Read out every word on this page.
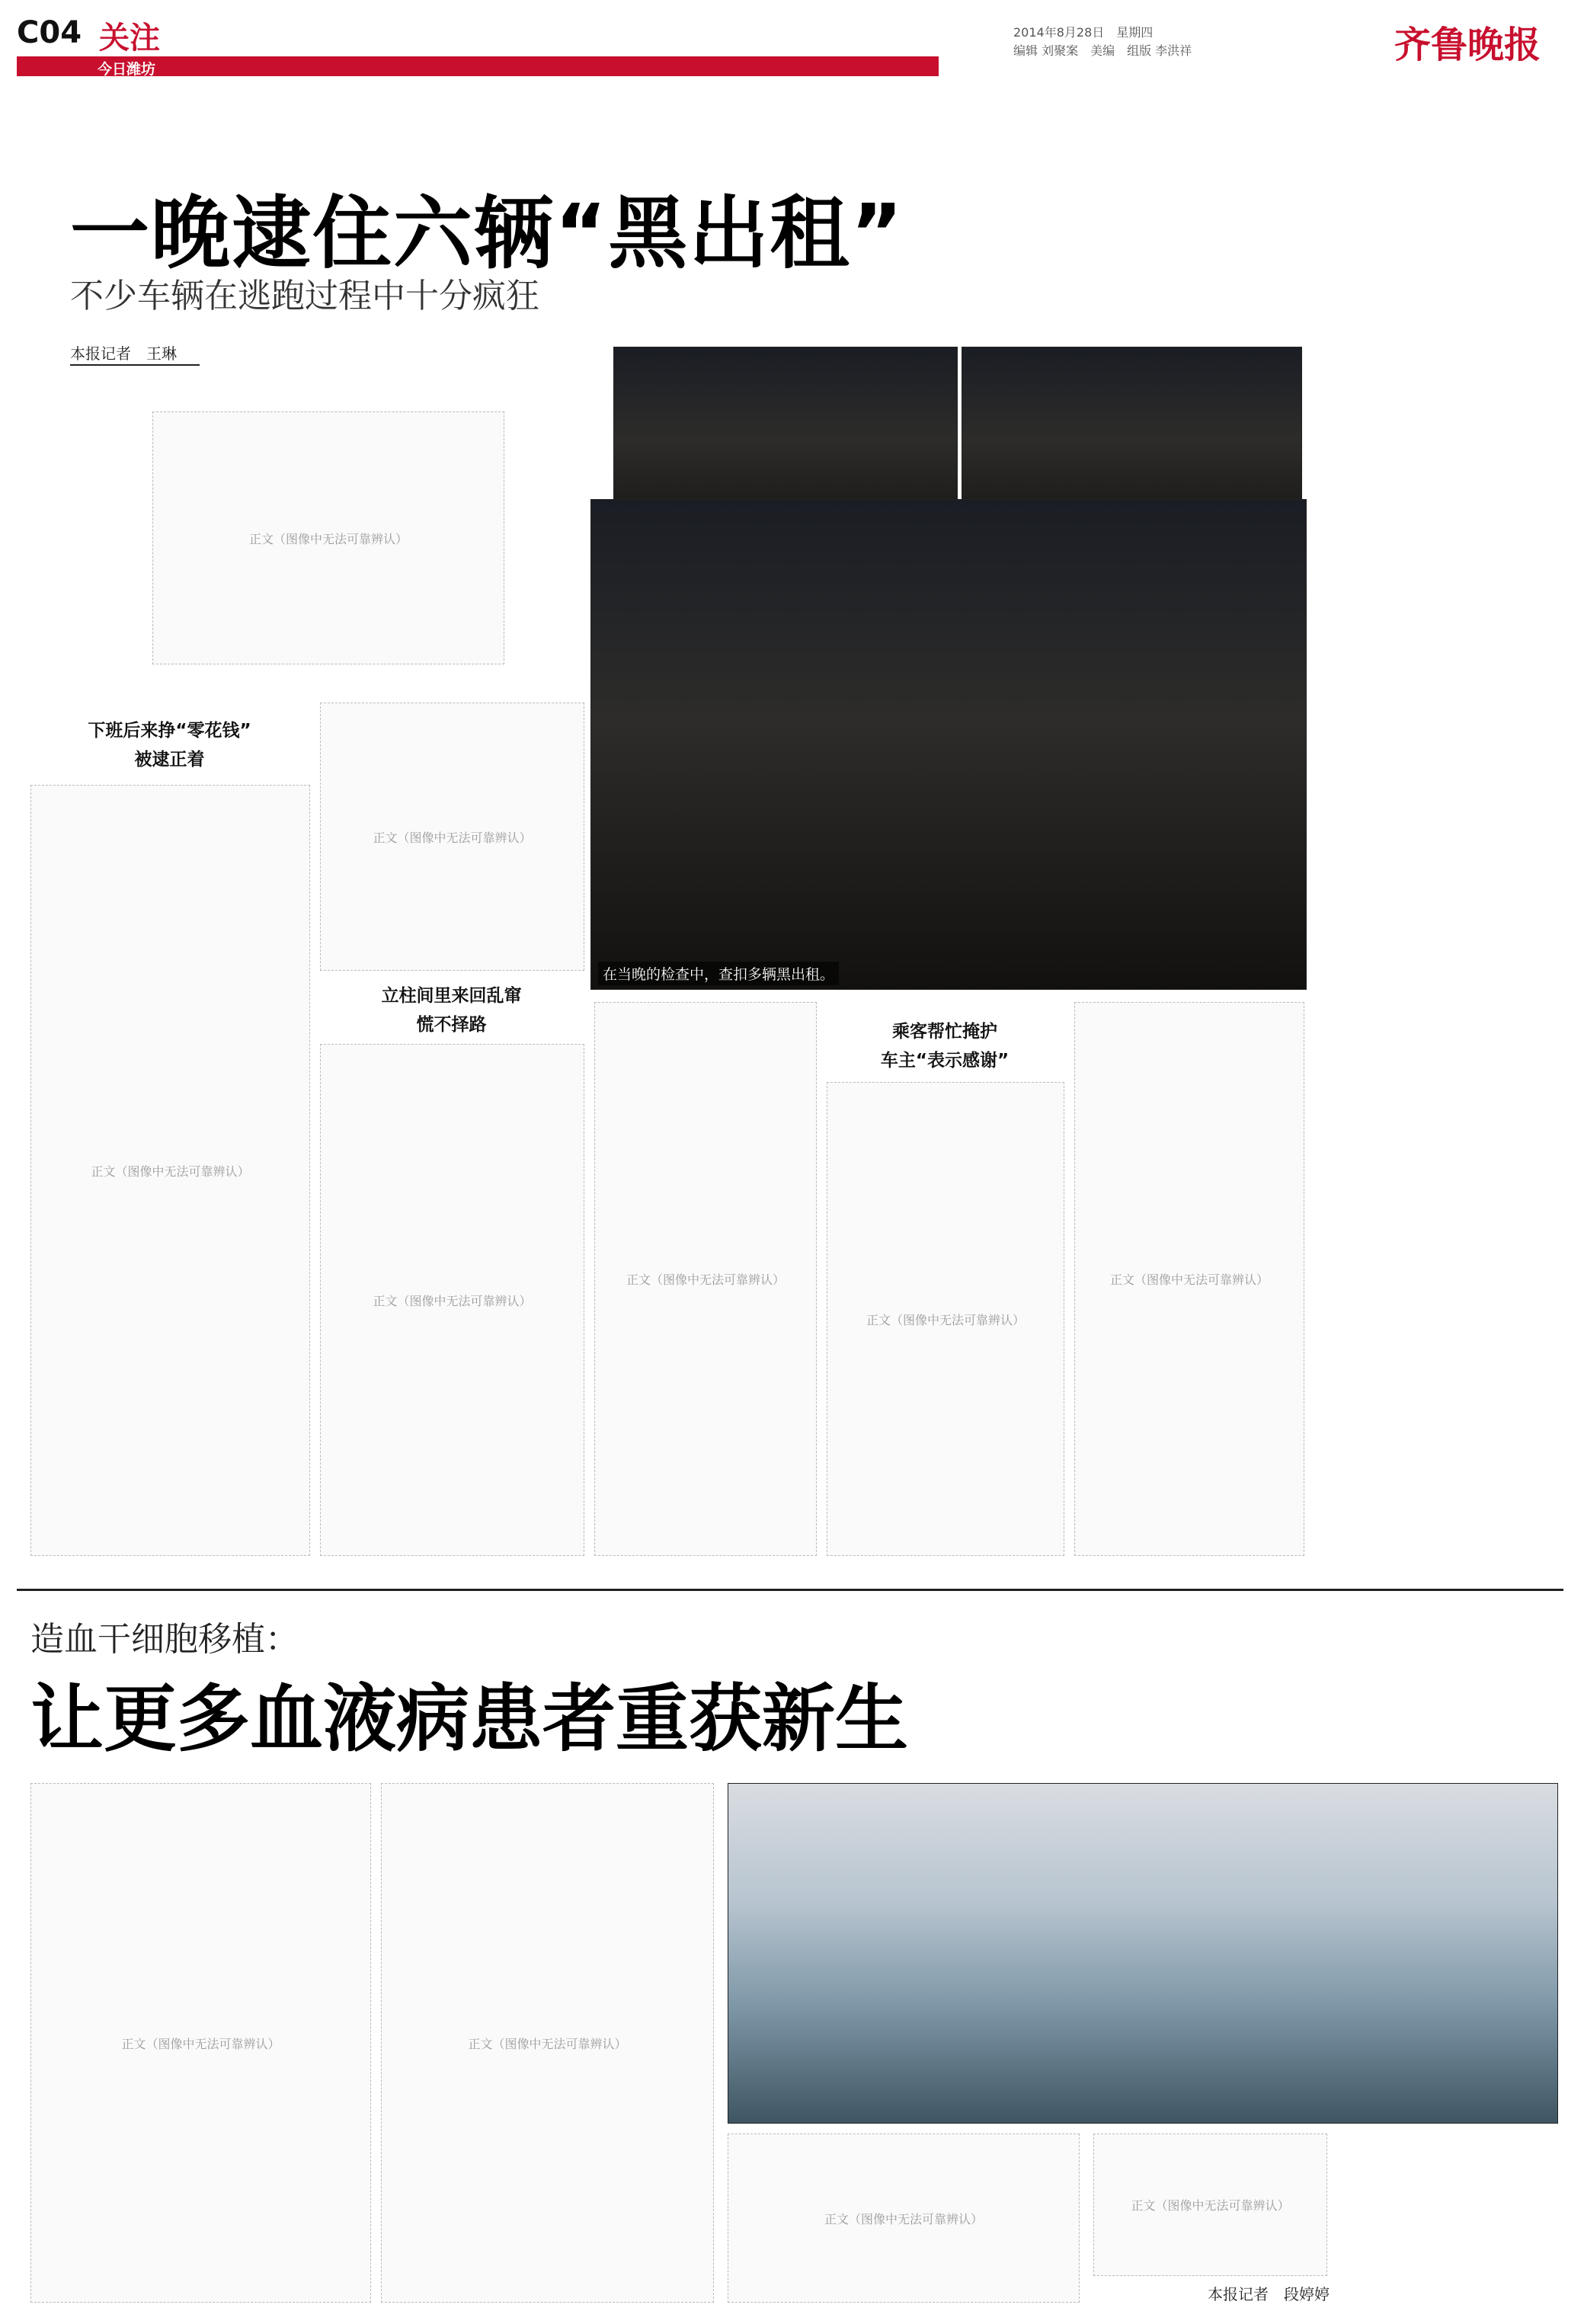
C04 关注
今日潍坊
2014年8月28日　星期四
编辑 刘聚案　美编　组版 李洪祥	齐鲁晚报
一晚逮住六辆“黑出租”
不少车辆在逃跑过程中十分疯狂
本报记者　王琳
正文（图像中无法可靠辨认）
在当晚的检查中，查扣多辆黑出租。
下班后来挣“零花钱”
被逮正着
正文（图像中无法可靠辨认）
正文（图像中无法可靠辨认）
立柱间里来回乱窜
慌不择路
正文（图像中无法可靠辨认）
正文（图像中无法可靠辨认）
乘客帮忙掩护
车主“表示感谢”
正文（图像中无法可靠辨认）
正文（图像中无法可靠辨认）
造血干细胞移植：
让更多血液病患者重获新生
正文（图像中无法可靠辨认）	正文（图像中无法可靠辨认）
正文（图像中无法可靠辨认）
正文（图像中无法可靠辨认）
本报记者　段婷婷
